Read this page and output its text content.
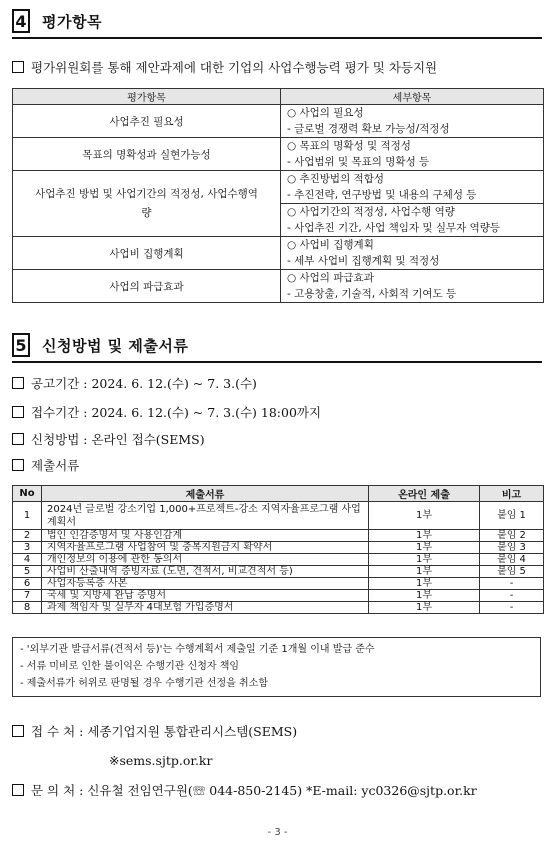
4 평가항목
평가위원회를 통해 제안과제에 대한 기업의 사업수행능력 평가 및 차등지원
평가항목	세부항목
사업추진 필요성	○ 사업의 필요성
- 글로벌 경쟁력 확보 가능성/적정성

목표의 명확성과 실현가능성	○ 목표의 명확성 및 적정성
- 사업범위 및 목표의 명확성 등

사업추진 방법 및 사업기간의 적정성, 사업수행역량	○ 추진방법의 적합성
- 추진전략, 연구방법 및 내용의 구체성 등

	○ 사업기간의 적정성, 사업수행 역량
- 사업추진 기간, 사업 책임자 및 실무자 역량등

사업비 집행계획	○ 사업비 집행계획
- 세부 사업비 집행계획 및 적정성

사업의 파급효과	○ 사업의 파급효과
- 고용창출, 기술적, 사회적 기여도 등
5 신청방법 및 제출서류
공고기간 : 2024. 6. 12.(수) ~ 7. 3.(수)
접수기간 : 2024. 6. 12.(수) ~ 7. 3.(수) 18:00까지
신청방법 : 온라인 접수(SEMS)
제출서류
No	제출서류	온라인 제출	비고
1	2024년 글로벌 강소기업 1,000+프로젝트-강소 지역자율프로그램 사업계획서	1부	붙임 1
2	법인 인감증명서 및 사용인감계	1부	붙임 2
3	지역자율프로그램 사업참여 및 중복지원금지 확약서	1부	붙임 3
4	개인정보의 이용에 관한 동의서	1부	붙임 4
5	사업비 산출내역 증빙자료 (도면, 견적서, 비교견적서 등)	1부	붙임 5
6	사업자등록증 사본	1부	-
7	국세 및 지방세 완납 증명서	1부	-
8	과제 책임자 및 실무자 4대보험 가입증명서	1부	-
- '외부기관 발급서류(견적서 등)'는 수행계획서 제출일 기준 1개월 이내 발급 준수
- 서류 미비로 인한 불이익은 수행기관 신청자 책임
- 제출서류가 허위로 판명될 경우 수행기관 선정을 취소함
접 수 처 : 세종기업지원 통합관리시스템(SEMS)
※sems.sjtp.or.kr
문 의 처 : 신유철 전임연구원(☏ 044-850-2145) *E-mail: yc0326@sjtp.or.kr
- 3 -
